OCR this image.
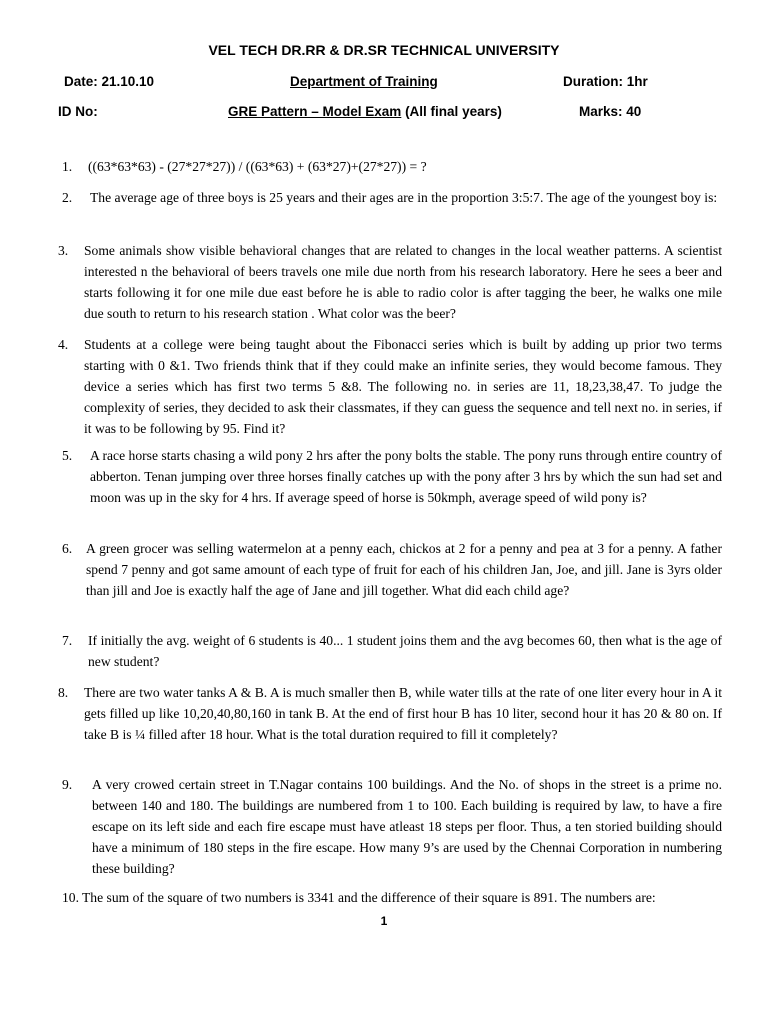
VEL TECH DR.RR & DR.SR TECHNICAL UNIVERSITY
Date: 21.10.10	Department of Training	Duration: 1hr
ID No:	GRE Pattern – Model Exam (All final years)	Marks: 40
1.	((63*63*63) - (27*27*27)) / ((63*63) + (63*27)+(27*27)) = ?
2.	The average age of three boys is 25 years and their ages are in the proportion 3:5:7. The age of the youngest boy is:
3.	Some animals show visible behavioral changes that are related to changes in the local weather patterns. A scientist interested n the behavioral of beers travels one mile due north from his research laboratory. Here he sees a beer and starts following it for one mile due east before he is able to radio color is after tagging the beer, he walks one mile due south to return to his research station . What color was the beer?
4.	Students at a college were being taught about the Fibonacci series which is built by adding up prior two terms starting with 0 &1. Two friends think that if they could make an infinite series, they would become famous. They device a series which has first two terms 5 &8. The following no. in series are 11, 18,23,38,47. To judge the complexity of series, they decided to ask their classmates, if they can guess the sequence and tell next no. in series, if it was to be following by 95. Find it?
5.	A race horse starts chasing a wild pony 2 hrs after the pony bolts the stable. The pony runs through entire country of abberton. Tenan jumping over three horses finally catches up with the pony after 3 hrs by which the sun had set and moon was up in the sky for 4 hrs. If average speed of horse is 50kmph, average speed of wild pony is?
6.	A green grocer was selling watermelon at a penny each, chickos at 2 for a penny and pea at 3 for a penny. A father spend 7 penny and got same amount of each type of fruit for each of his children Jan, Joe, and jill. Jane is 3yrs older than jill and Joe is exactly half the age of Jane and jill together. What did each child age?
7.	If initially the avg. weight of 6 students is 40... 1 student joins them and the avg becomes 60, then what is the age of new student?
8.	There are two water tanks A & B. A is much smaller then B, while water tills at the rate of one liter every hour in A it gets filled up like 10,20,40,80,160 in tank B. At the end of first hour B has 10 liter, second hour it has 20 & 80 on. If take B is ¼ filled after 18 hour. What is the total duration required to fill it completely?
9.	A very crowed certain street in T.Nagar contains 100 buildings. And the No. of shops in the street is a prime no. between 140 and 180. The buildings are numbered from 1 to 100. Each building is required by law, to have a fire escape on its left side and each fire escape must have atleast 18 steps per floor. Thus, a ten storied building should have a minimum of 180 steps in the fire escape. How many 9’s are used by the Chennai Corporation in numbering these building?
10. The sum of the square of two numbers is 3341 and the difference of their square is 891. The numbers are:
1
